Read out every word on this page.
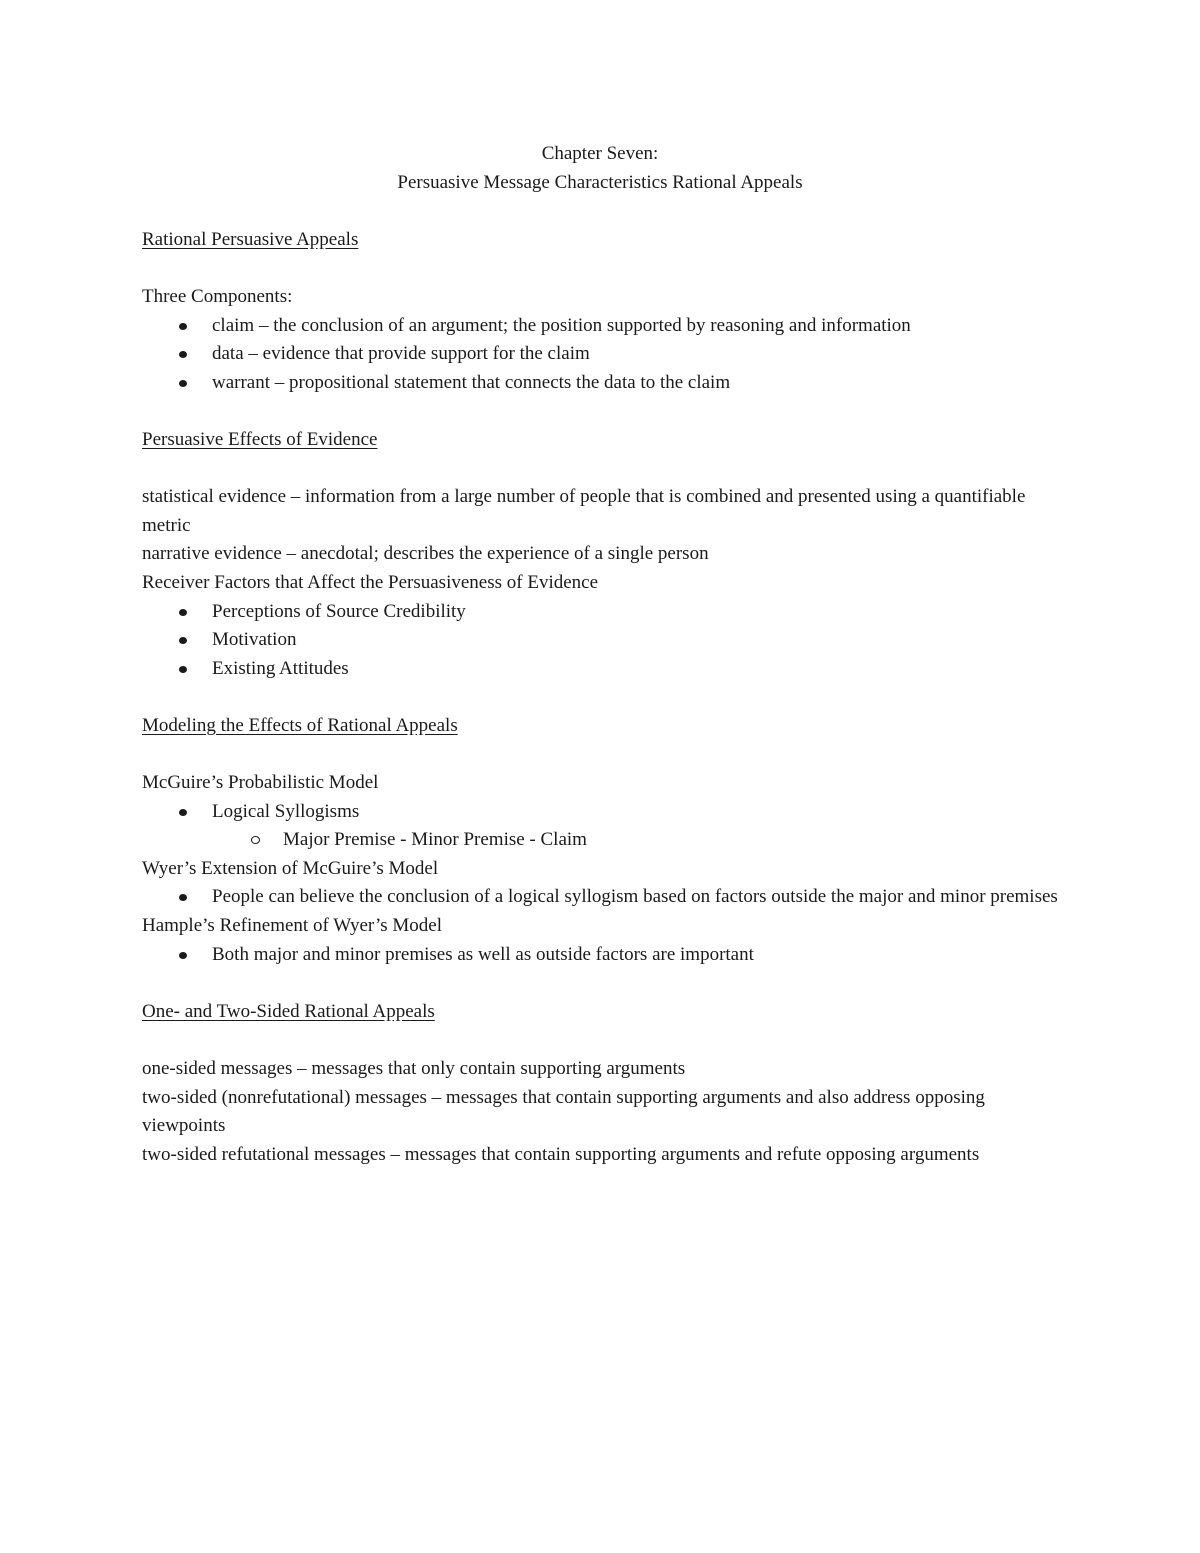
Chapter Seven:

Persuasive Message Characteristics Rational Appeals

Rational Persuasive Appeals

Three Components:

claim – the conclusion of an argument; the position supported by reasoning and information
data – evidence that provide support for the claim
warrant – propositional statement that connects the data to the claim

Persuasive Effects of Evidence

statistical evidence – information from a large number of people that is combined and presented using a quantifiable metric

narrative evidence – anecdotal; describes the experience of a single person

Receiver Factors that Affect the Persuasiveness of Evidence

Perceptions of Source Credibility
Motivation
Existing Attitudes

Modeling the Effects of Rational Appeals

McGuire’s Probabilistic Model

Logical Syllogisms
Major Premise - Minor Premise - Claim

Wyer’s Extension of McGuire’s Model

People can believe the conclusion of a logical syllogism based on factors outside the major and minor premises

Hample’s Refinement of Wyer’s Model

Both major and minor premises as well as outside factors are important

One- and Two-Sided Rational Appeals

one-sided messages – messages that only contain supporting arguments

two-sided (nonrefutational) messages – messages that contain supporting arguments and also address opposing viewpoints

two-sided refutational messages – messages that contain supporting arguments and refute opposing arguments
